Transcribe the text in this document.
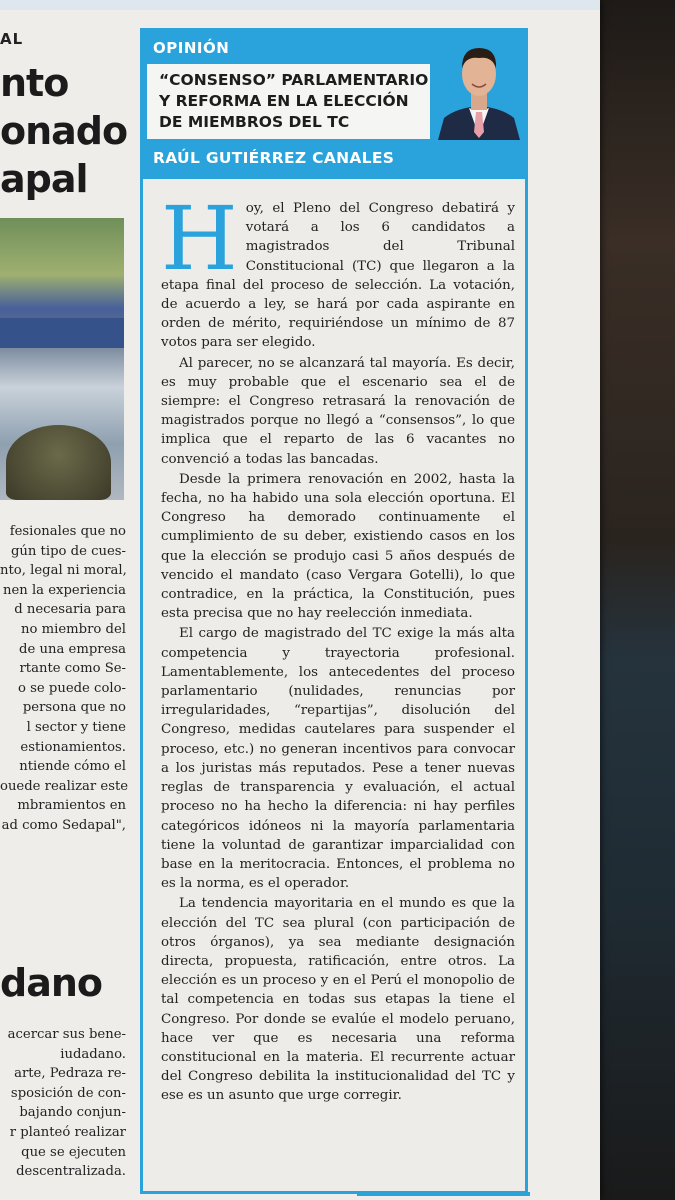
AL
nto
onado
apal
fesionales que no
gún tipo de cues-
nto, legal ni moral,
nen la experiencia
d necesaria para
no miembro del
de una empresa
rtante como Se-
o se puede colo-
persona que no
l sector y tiene
estionamientos.
ntiende cómo el
ouede realizar este
mbramientos en
ad como Sedapal",
dano
acercar sus bene-
iudadano.
arte, Pedraza re-
sposición de con-
bajando conjun-
r planteó realizar
que se ejecuten
descentralizada.
OPINIÓN
“CONSENSO” PARLAMENTARIO Y REFORMA EN LA ELECCIÓN DE MIEMBROS DEL TC
RAÚL GUTIÉRREZ CANALES

Hoy, el Pleno del Congreso debatirá y votará a los 6 candidatos a magistrados del Tribunal Constitucional (TC) que llegaron a la etapa final del proceso de selección. La votación, de acuerdo a ley, se hará por cada aspirante en orden de mérito, requiriéndose un mínimo de 87 votos para ser elegido.

Al parecer, no se alcanzará tal mayoría. Es decir, es muy probable que el escenario sea el de siempre: el Congreso retrasará la renovación de magistrados porque no llegó a “consensos”, lo que implica que el reparto de las 6 vacantes no convenció a todas las bancadas.

Desde la primera renovación en 2002, hasta la fecha, no ha habido una sola elección oportuna. El Congreso ha demorado continuamente el cumplimiento de su deber, existiendo casos en los que la elección se produjo casi 5 años después de vencido el mandato (caso Vergara Gotelli), lo que contradice, en la práctica, la Constitución, pues esta precisa que no hay reelección inmediata.

El cargo de magistrado del TC exige la más alta competencia y trayectoria profesional. Lamentablemente, los antecedentes del proceso parlamentario (nulidades, renuncias por irregularidades, “repartijas”, disolución del Congreso, medidas cautelares para suspender el proceso, etc.) no generan incentivos para convocar a los juristas más reputados. Pese a tener nuevas reglas de transparencia y evaluación, el actual proceso no ha hecho la diferencia: ni hay perfiles categóricos idóneos ni la mayoría parlamentaria tiene la voluntad de garantizar imparcialidad con base en la meritocracia. Entonces, el problema no es la norma, es el operador.

La tendencia mayoritaria en el mundo es que la elección del TC sea plural (con participación de otros órganos), ya sea mediante designación directa, propuesta, ratificación, entre otros. La elección es un proceso y en el Perú el monopolio de tal competencia en todas sus etapas la tiene el Congreso. Por donde se evalúe el modelo peruano, hace ver que es necesaria una reforma constitucional en la materia. El recurrente actuar del Congreso debilita la institucionalidad del TC y ese es un asunto que urge corregir.
